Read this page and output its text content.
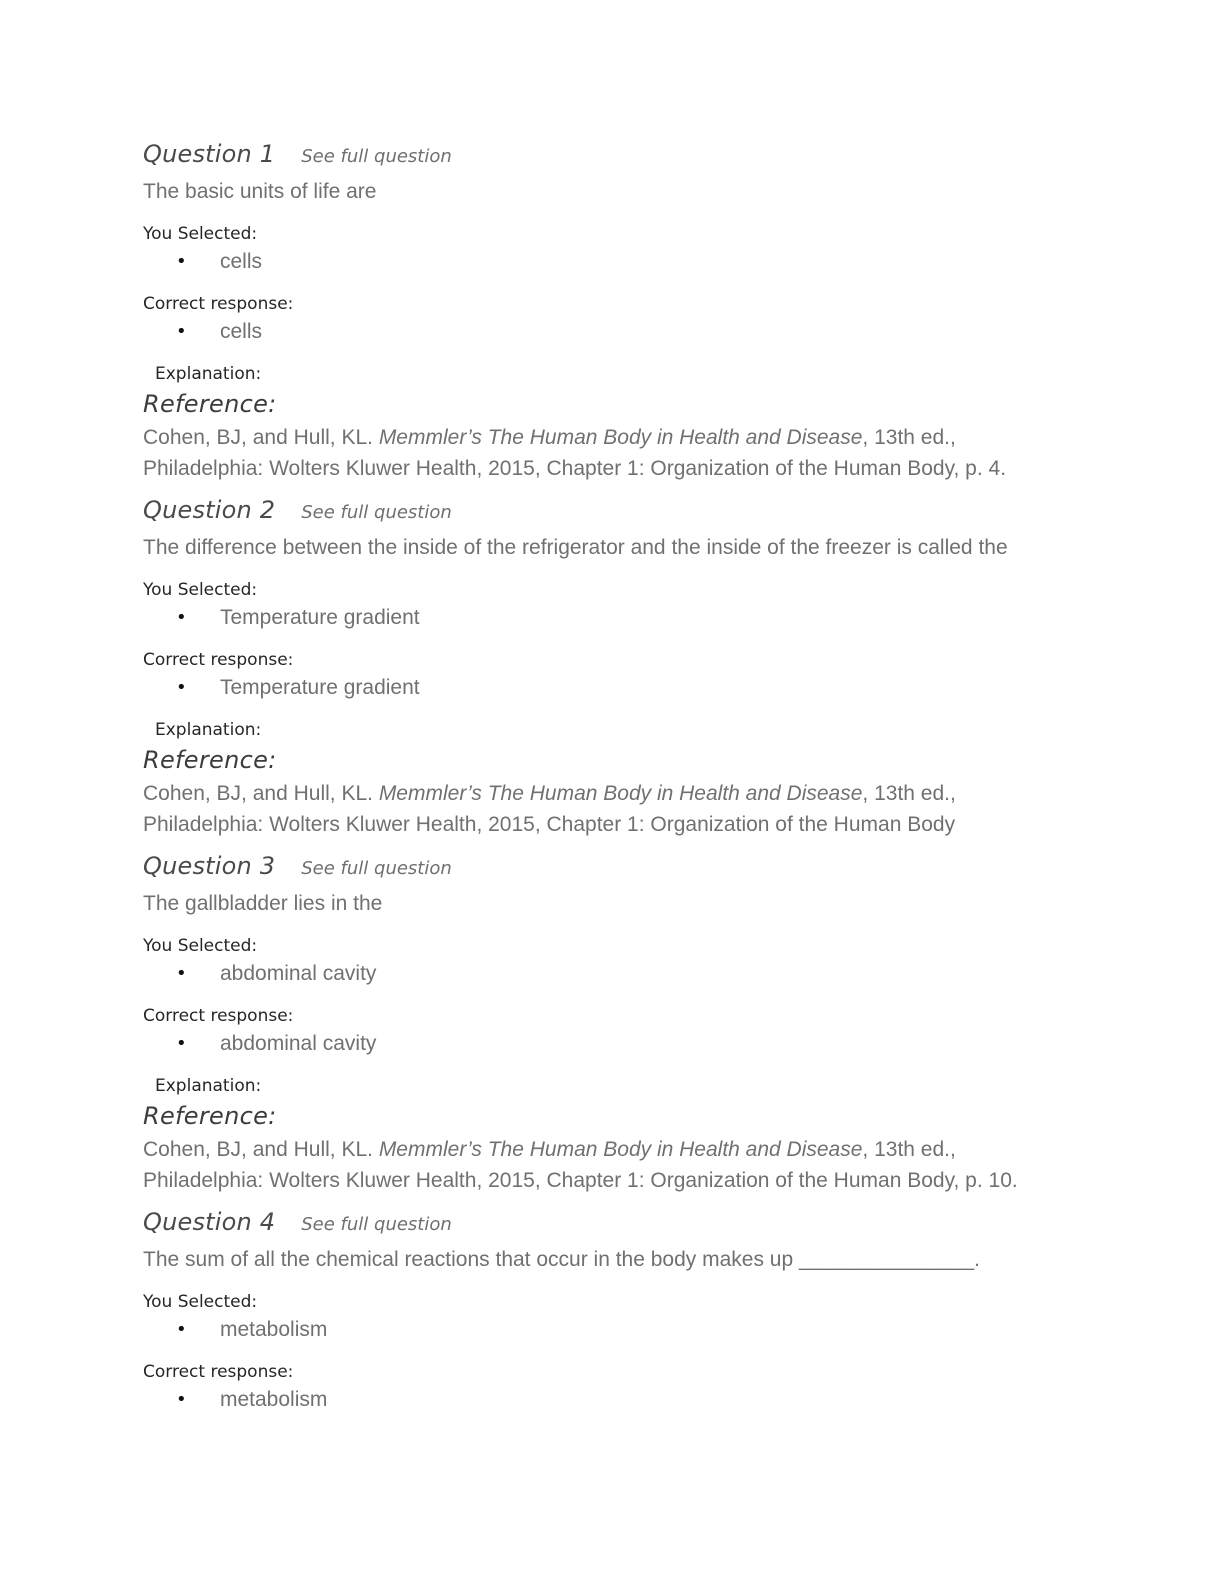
Question 1 See full question
The basic units of life are
You Selected:
• cells
Correct response:
• cells
Explanation:
Reference:
Cohen, BJ, and Hull, KL. Memmler’s The Human Body in Health and Disease, 13th ed.,
Philadelphia: Wolters Kluwer Health, 2015, Chapter 1: Organization of the Human Body, p. 4.
Question 2 See full question
The difference between the inside of the refrigerator and the inside of the freezer is called the
You Selected:
• Temperature gradient
Correct response:
• Temperature gradient
Explanation:
Reference:
Cohen, BJ, and Hull, KL. Memmler’s The Human Body in Health and Disease, 13th ed.,
Philadelphia: Wolters Kluwer Health, 2015, Chapter 1: Organization of the Human Body
Question 3 See full question
The gallbladder lies in the
You Selected:
• abdominal cavity
Correct response:
• abdominal cavity
Explanation:
Reference:
Cohen, BJ, and Hull, KL. Memmler’s The Human Body in Health and Disease, 13th ed.,
Philadelphia: Wolters Kluwer Health, 2015, Chapter 1: Organization of the Human Body, p. 10.
Question 4 See full question
The sum of all the chemical reactions that occur in the body makes up _______________.
You Selected:
• metabolism
Correct response:
• metabolism
